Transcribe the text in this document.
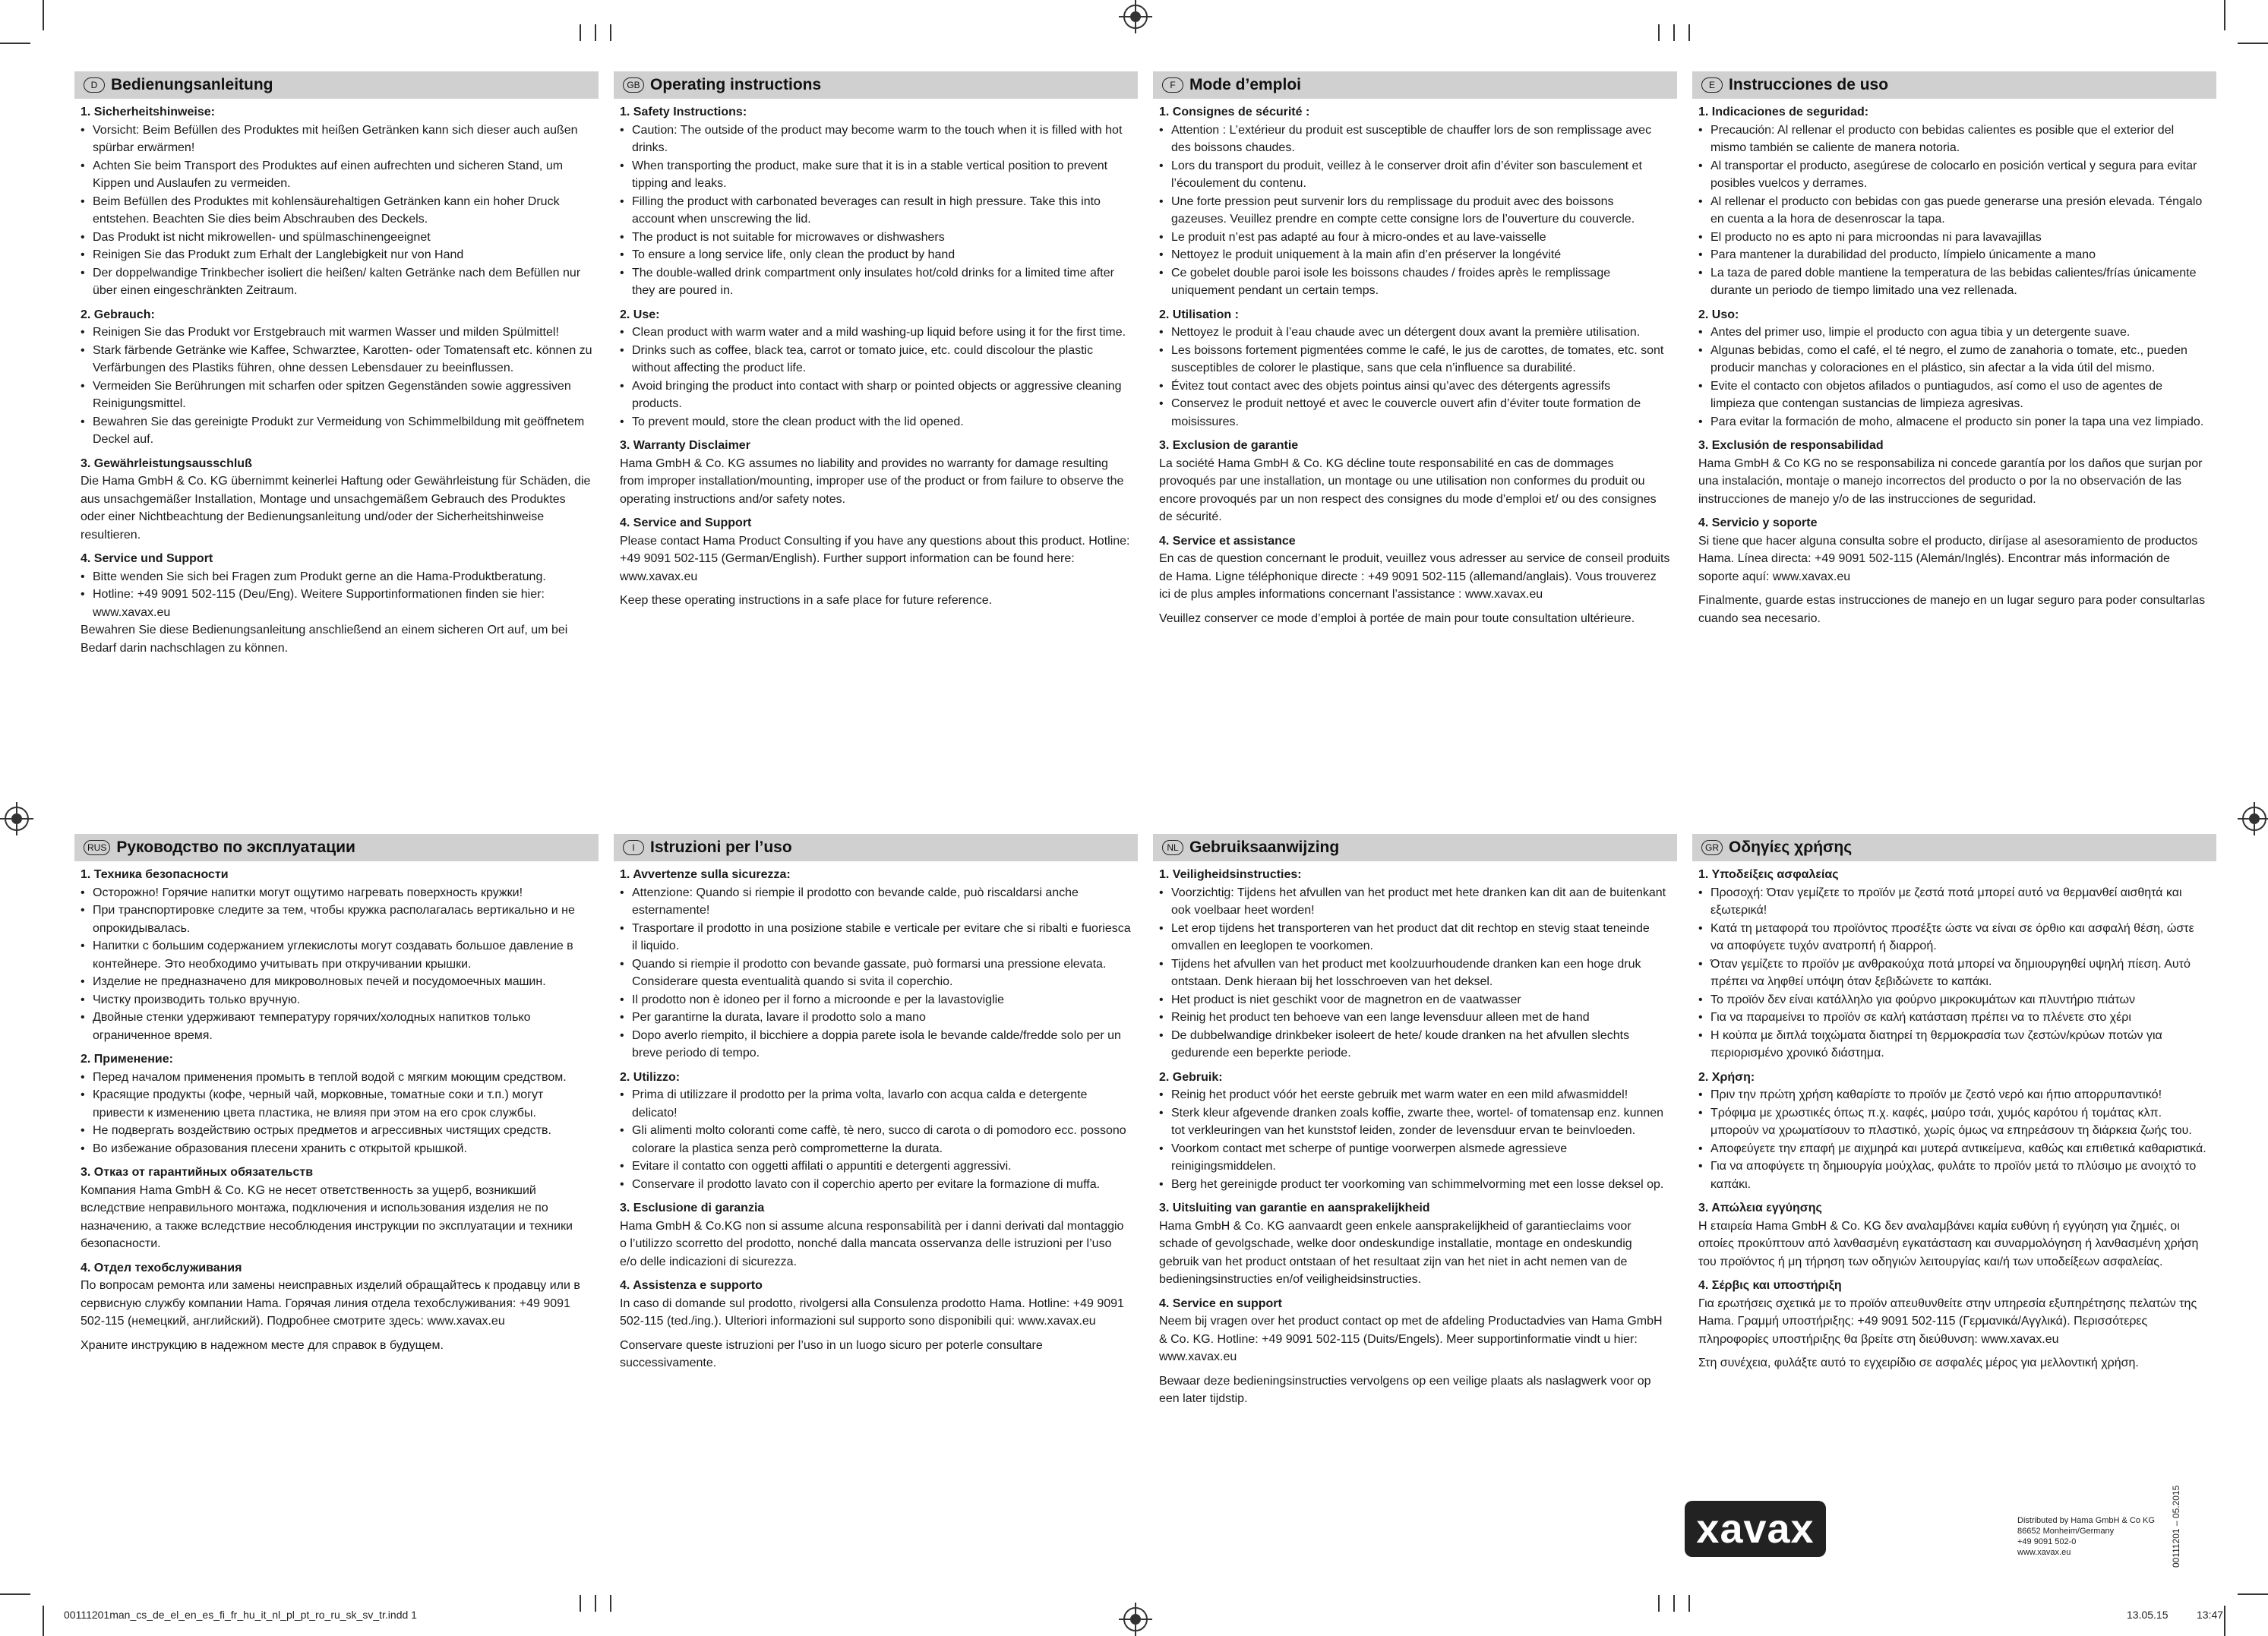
D Bedienungsanleitung
1. Sicherheitshinweise:
• Vorsicht: Beim Befüllen des Produktes mit heißen Getränken kann sich dieser auch außen spürbar erwärmen!
• Achten Sie beim Transport des Produktes auf einen aufrechten und sicheren Stand, um Kippen und Auslaufen zu vermeiden.
• Beim Befüllen des Produktes mit kohlensäurehaltigen Getränken kann ein hoher Druck entstehen. Beachten Sie dies beim Abschrauben des Deckels.
• Das Produkt ist nicht mikrowellen- und spülmaschinengeeignet
• Reinigen Sie das Produkt zum Erhalt der Langlebigkeit nur von Hand
• Der doppelwandige Trinkbecher isoliert die heißen/ kalten Getränke nach dem Befüllen nur über einen eingeschränkten Zeitraum.
2. Gebrauch:
• Reinigen Sie das Produkt vor Erstgebrauch mit warmen Wasser und milden Spülmittel!
• Stark färbende Getränke wie Kaffee, Schwarztee, Karotten- oder Tomatensaft etc. können zu Verfärbungen des Plastiks führen, ohne dessen Lebensdauer zu beeinflussen.
• Vermeiden Sie Berührungen mit scharfen oder spitzen Gegenständen sowie aggressiven Reinigungsmittel.
• Bewahren Sie das gereinigte Produkt zur Vermeidung von Schimmelbildung mit geöffnetem Deckel auf.
3. Gewährleistungsausschluß

Die Hama GmbH & Co. KG übernimmt keinerlei Haftung oder Gewährleistung für Schäden, die aus unsachgemäßer Installation, Montage und unsachgemäßem Gebrauch des Produktes oder einer Nichtbeachtung der Bedienungsanleitung und/oder der Sicherheitshinweise resultieren.

4. Service und Support
• Bitte wenden Sie sich bei Fragen zum Produkt gerne an die Hama-Produktberatung.
• Hotline: +49 9091 502-115 (Deu/Eng). Weitere Supportinformationen finden sie hier: www.xavax.eu

Bewahren Sie diese Bedienungsanleitung anschließend an einem sicheren Ort auf, um bei Bedarf darin nachschlagen zu können.

GB Operating instructions
1. Safety Instructions:
• Caution: The outside of the product may become warm to the touch when it is filled with hot drinks.
• When transporting the product, make sure that it is in a stable vertical position to prevent tipping and leaks.
• Filling the product with carbonated beverages can result in high pressure. Take this into account when unscrewing the lid.
• The product is not suitable for microwaves or dishwashers
• To ensure a long service life, only clean the product by hand
• The double-walled drink compartment only insulates hot/cold drinks for a limited time after they are poured in.
2. Use:
• Clean product with warm water and a mild washing-up liquid before using it for the first time.
• Drinks such as coffee, black tea, carrot or tomato juice, etc. could discolour the plastic without affecting the product life.
• Avoid bringing the product into contact with sharp or pointed objects or aggressive cleaning products.
• To prevent mould, store the clean product with the lid opened.
3. Warranty Disclaimer

Hama GmbH & Co. KG assumes no liability and provides no warranty for damage resulting from improper installation/mounting, improper use of the product or from failure to observe the operating instructions and/or safety notes.

4. Service and Support

Please contact Hama Product Consulting if you have any questions about this product. Hotline: +49 9091 502-115 (German/English). Further support information can be found here: www.xavax.eu

Keep these operating instructions in a safe place for future reference.

F Mode d’emploi
1. Consignes de sécurité :
• Attention : L’extérieur du produit est susceptible de chauffer lors de son remplissage avec des boissons chaudes.
• Lors du transport du produit, veillez à le conserver droit afin d’éviter son basculement et l’écoulement du contenu.
• Une forte pression peut survenir lors du remplissage du produit avec des boissons gazeuses. Veuillez prendre en compte cette consigne lors de l’ouverture du couvercle.
• Le produit n’est pas adapté au four à micro-ondes et au lave-vaisselle
• Nettoyez le produit uniquement à la main afin d’en préserver la longévité
• Ce gobelet double paroi isole les boissons chaudes / froides après le remplissage uniquement pendant un certain temps.
2. Utilisation :
• Nettoyez le produit à l’eau chaude avec un détergent doux avant la première utilisation.
• Les boissons fortement pigmentées comme le café, le jus de carottes, de tomates, etc. sont susceptibles de colorer le plastique, sans que cela n’influence sa durabilité.
• Évitez tout contact avec des objets pointus ainsi qu’avec des détergents agressifs
• Conservez le produit nettoyé et avec le couvercle ouvert afin d’éviter toute formation de moisissures.
3. Exclusion de garantie

La société Hama GmbH & Co. KG décline toute responsabilité en cas de dommages provoqués par une installation, un montage ou une utilisation non conformes du produit ou encore provoqués par un non respect des consignes du mode d’emploi et/ ou des consignes de sécurité.

4. Service et assistance

En cas de question concernant le produit, veuillez vous adresser au service de conseil produits de Hama. Ligne téléphonique directe : +49 9091 502-115 (allemand/anglais). Vous trouverez ici de plus amples informations concernant l’assistance : www.xavax.eu

Veuillez conserver ce mode d’emploi à portée de main pour toute consultation ultérieure.

E Instrucciones de uso
1. Indicaciones de seguridad:
• Precaución: Al rellenar el producto con bebidas calientes es posible que el exterior del mismo también se caliente de manera notoria.
• Al transportar el producto, asegúrese de colocarlo en posición vertical y segura para evitar posibles vuelcos y derrames.
• Al rellenar el producto con bebidas con gas puede generarse una presión elevada. Téngalo en cuenta a la hora de desenroscar la tapa.
• El producto no es apto ni para microondas ni para lavavajillas
• Para mantener la durabilidad del producto, límpielo únicamente a mano
• La taza de pared doble mantiene la temperatura de las bebidas calientes/frías únicamente durante un periodo de tiempo limitado una vez rellenada.
2. Uso:
• Antes del primer uso, limpie el producto con agua tibia y un detergente suave.
• Algunas bebidas, como el café, el té negro, el zumo de zanahoria o tomate, etc., pueden producir manchas y coloraciones en el plástico, sin afectar a la vida útil del mismo.
• Evite el contacto con objetos afilados o puntiagudos, así como el uso de agentes de limpieza que contengan sustancias de limpieza agresivas.
• Para evitar la formación de moho, almacene el producto sin poner la tapa una vez limpiado.
3. Exclusión de responsabilidad

Hama GmbH & Co KG no se responsabiliza ni concede garantía por los daños que surjan por una instalación, montaje o manejo incorrectos del producto o por la no observación de las instrucciones de manejo y/o de las instrucciones de seguridad.

4. Servicio y soporte

Si tiene que hacer alguna consulta sobre el producto, diríjase al asesoramiento de productos Hama. Línea directa: +49 9091 502-115 (Alemán/Inglés). Encontrar más información de soporte aquí: www.xavax.eu

Finalmente, guarde estas instrucciones de manejo en un lugar seguro para poder consultarlas cuando sea necesario.

RUS Руководство по эксплуатации
1. Техника безопасности
• Осторожно! Горячие напитки могут ощутимо нагревать поверхность кружки!
• При транспортировке следите за тем, чтобы кружка располагалась вертикально и не опрокидывалась.
• Напитки с большим содержанием углекислоты могут создавать большое давление в контейнере. Это необходимо учитывать при откручивании крышки.
• Изделие не предназначено для микроволновых печей и посудомоечных машин.
• Чистку производить только вручную.
• Двойные стенки удерживают температуру горячих/холодных напитков только ограниченное время.
2. Применение:
• Перед началом применения промыть в теплой водой с мягким моющим средством.
• Красящие продукты (кофе, черный чай, морковные, томатные соки и т.п.) могут привести к изменению цвета пластика, не влияя при этом на его срок службы.
• Не подвергать воздействию острых предметов и агрессивных чистящих средств.
• Во избежание образования плесени хранить с открытой крышкой.
3. Отказ от гарантийных обязательств

Компания Hama GmbH & Co. KG не несет ответственность за ущерб, возникший вследствие неправильного монтажа, подключения и использования изделия не по назначению, а также вследствие несоблюдения инструкции по эксплуатации и техники безопасности.

4. Отдел техобслуживания

По вопросам ремонта или замены неисправных изделий обращайтесь к продавцу или в сервисную службу компании Hama. Горячая линия отдела техобслуживания: +49 9091 502-115 (немецкий, английский). Подробнее смотрите здесь: www.xavax.eu

Храните инструкцию в надежном месте для справок в будущем.

I Istruzioni per l’uso
1. Avvertenze sulla sicurezza:
• Attenzione: Quando si riempie il prodotto con bevande calde, può riscaldarsi anche esternamente!
• Trasportare il prodotto in una posizione stabile e verticale per evitare che si ribalti e fuoriesca il liquido.
• Quando si riempie il prodotto con bevande gassate, può formarsi una pressione elevata. Considerare questa eventualità quando si svita il coperchio.
• Il prodotto non è idoneo per il forno a microonde e per la lavastoviglie
• Per garantirne la durata, lavare il prodotto solo a mano
• Dopo averlo riempito, il bicchiere a doppia parete isola le bevande calde/fredde solo per un breve periodo di tempo.
2. Utilizzo:
• Prima di utilizzare il prodotto per la prima volta, lavarlo con acqua calda e detergente delicato!
• Gli alimenti molto coloranti come caffè, tè nero, succo di carota o di pomodoro ecc. possono colorare la plastica senza però comprometterne la durata.
• Evitare il contatto con oggetti affilati o appuntiti e detergenti aggressivi.
• Conservare il prodotto lavato con il coperchio aperto per evitare la formazione di muffa.
3. Esclusione di garanzia

Hama GmbH & Co.KG non si assume alcuna responsabilità per i danni derivati dal montaggio o l’utilizzo scorretto del prodotto, nonché dalla mancata osservanza delle istruzioni per l’uso e/o delle indicazioni di sicurezza.

4. Assistenza e supporto

In caso di domande sul prodotto, rivolgersi alla Consulenza prodotto Hama. Hotline: +49 9091 502-115 (ted./ing.). Ulteriori informazioni sul supporto sono disponibili qui: www.xavax.eu

Conservare queste istruzioni per l’uso in un luogo sicuro per poterle consultare successivamente.

NL Gebruiksaanwijzing
1. Veiligheidsinstructies:
• Voorzichtig: Tijdens het afvullen van het product met hete dranken kan dit aan de buitenkant ook voelbaar heet worden!
• Let erop tijdens het transporteren van het product dat dit rechtop en stevig staat teneinde omvallen en leeglopen te voorkomen.
• Tijdens het afvullen van het product met koolzuurhoudende dranken kan een hoge druk ontstaan. Denk hieraan bij het losschroeven van het deksel.
• Het product is niet geschikt voor de magnetron en de vaatwasser
• Reinig het product ten behoeve van een lange levensduur alleen met de hand
• De dubbelwandige drinkbeker isoleert de hete/ koude dranken na het afvullen slechts gedurende een beperkte periode.
2. Gebruik:
• Reinig het product vóór het eerste gebruik met warm water en een mild afwasmiddel!
• Sterk kleur afgevende dranken zoals koffie, zwarte thee, wortel- of tomatensap enz. kunnen tot verkleuringen van het kunststof leiden, zonder de levensduur ervan te beinvloeden.
• Voorkom contact met scherpe of puntige voorwerpen alsmede agressieve reinigingsmiddelen.
• Berg het gereinigde product ter voorkoming van schimmelvorming met een losse deksel op.
3. Uitsluiting van garantie en aansprakelijkheid

Hama GmbH & Co. KG aanvaardt geen enkele aansprakelijkheid of garantieclaims voor schade of gevolgschade, welke door ondeskundige installatie, montage en ondeskundig gebruik van het product ontstaan of het resultaat zijn van het niet in acht nemen van de bedieningsinstructies en/of veiligheidsinstructies.

4. Service en support

Neem bij vragen over het product contact op met de afdeling Productadvies van Hama GmbH & Co. KG. Hotline: +49 9091 502-115 (Duits/Engels). Meer supportinformatie vindt u hier: www.xavax.eu

Bewaar deze bedieningsinstructies vervolgens op een veilige plaats als naslagwerk voor op een later tijdstip.

GR Οδηγίες χρήσης
1. Υποδείξεις ασφαλείας
• Προσοχή: Όταν γεμίζετε το προϊόν με ζεστά ποτά μπορεί αυτό να θερμανθεί αισθητά και εξωτερικά!
• Κατά τη μεταφορά του προϊόντος προσέξτε ώστε να είναι σε όρθιο και ασφαλή θέση, ώστε να αποφύγετε τυχόν ανατροπή ή διαρροή.
• Όταν γεμίζετε το προϊόν με ανθρακούχα ποτά μπορεί να δημιουργηθεί υψηλή πίεση. Αυτό πρέπει να ληφθεί υπόψη όταν ξεβιδώνετε το καπάκι.
• Το προϊόν δεν είναι κατάλληλο για φούρνο μικροκυμάτων και πλυντήριο πιάτων
• Για να παραμείνει το προϊόν σε καλή κατάσταση πρέπει να το πλένετε στο χέρι
• Η κούπα με διπλά τοιχώματα διατηρεί τη θερμοκρασία των ζεστών/κρύων ποτών για περιορισμένο χρονικό διάστημα.
2. Χρήση:
• Πριν την πρώτη χρήση καθαρίστε το προϊόν με ζεστό νερό και ήπιο απορρυπαντικό!
• Τρόφιμα με χρωστικές όπως π.χ. καφές, μαύρο τσάι, χυμός καρότου ή τομάτας κλπ. μπορούν να χρωματίσουν το πλαστικό, χωρίς όμως να επηρεάσουν τη διάρκεια ζωής του.
• Αποφεύγετε την επαφή με αιχμηρά και μυτερά αντικείμενα, καθώς και επιθετικά καθαριστικά.
• Για να αποφύγετε τη δημιουργία μούχλας, φυλάτε το προϊόν μετά το πλύσιμο με ανοιχτό το καπάκι.
3. Απώλεια εγγύησης

Η εταιρεία Hama GmbH & Co. KG δεν αναλαμβάνει καμία ευθύνη ή εγγύηση για ζημιές, οι οποίες προκύπτουν από λανθασμένη εγκατάσταση και συναρμολόγηση ή λανθασμένη χρήση του προϊόντος ή μη τήρηση των οδηγιών λειτουργίας και/ή των υποδείξεων ασφαλείας.

4. Σέρβις και υποστήριξη

Για ερωτήσεις σχετικά με το προϊόν απευθυνθείτε στην υπηρεσία εξυπηρέτησης πελατών της Hama. Γραμμή υποστήριξης: +49 9091 502-115 (Γερμανικά/Αγγλικά). Περισσότερες πληροφορίες υποστήριξης θα βρείτε στη διεύθυνση: www.xavax.eu

Στη συνέχεια, φυλάξτε αυτό το εγχειρίδιο σε ασφαλές μέρος για μελλοντική χρήση.

xavax	Distributed by Hama GmbH & Co KG
86652 Monheim/Germany
+49 9091 502-0
www.xavax.eu	00111201 – 05.2015
00111201man_cs_de_el_en_es_fi_fr_hu_it_nl_pl_pt_ro_ru_sk_sv_tr.indd 1	13.05.15	13:47
